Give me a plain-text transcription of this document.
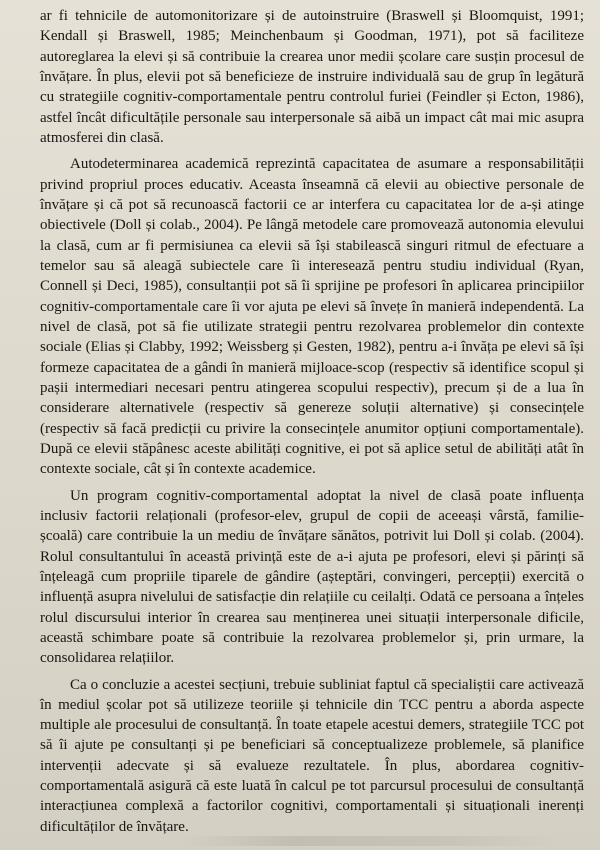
ar fi tehnicile de automonitorizare și de autoinstruire (Braswell și Bloomquist, 1991; Kendall și Braswell, 1985; Meinchenbaum și Goodman, 1971), pot să faciliteze autoreglarea la elevi și să contribuie la crearea unor medii școlare care susțin procesul de învățare. În plus, elevii pot să beneficieze de instruire individuală sau de grup în legătură cu strategiile cognitiv-comportamentale pentru controlul furiei (Feindler și Ecton, 1986), astfel încât dificultățile personale sau interpersonale să aibă un impact cât mai mic asupra atmosferei din clasă.

Autodeterminarea academică reprezintă capacitatea de asumare a responsabilității privind propriul proces educativ. Aceasta înseamnă că elevii au obiective personale de învățare și că pot să recunoască factorii ce ar interfera cu capacitatea lor de a-și atinge obiectivele (Doll și colab., 2004). Pe lângă metodele care promovează autonomia elevului la clasă, cum ar fi permisiunea ca elevii să își stabilească singuri ritmul de efectuare a temelor sau să aleagă subiectele care îi interesează pentru studiu individual (Ryan, Connell și Deci, 1985), consultanții pot să îi sprijine pe profesori în aplicarea principiilor cognitiv-comportamentale care îi vor ajuta pe elevi să învețe în manieră independentă. La nivel de clasă, pot să fie utilizate strategii pentru rezolvarea problemelor din contexte sociale (Elias și Clabby, 1992; Weissberg și Gesten, 1982), pentru a-i învăța pe elevi să își formeze capacitatea de a gândi în manieră mijloace-scop (respectiv să identifice scopul și pașii intermediari necesari pentru atingerea scopului respectiv), precum și de a lua în considerare alternativele (respectiv să genereze soluții alternative) și consecințele (respectiv să facă predicții cu privire la consecințele anumitor opțiuni comportamentale). După ce elevii stăpânesc aceste abilități cognitive, ei pot să aplice setul de abilități atât în contexte sociale, cât și în contexte academice.

Un program cognitiv-comportamental adoptat la nivel de clasă poate influența inclusiv factorii relaționali (profesor-elev, grupul de copii de aceeași vârstă, familie-școală) care contribuie la un mediu de învățare sănătos, potrivit lui Doll și colab. (2004). Rolul consultantului în această privință este de a-i ajuta pe profesori, elevi și părinți să înțeleagă cum propriile tiparele de gândire (așteptări, convingeri, percepții) exercită o influență asupra nivelului de satisfacție din relațiile cu ceilalți. Odată ce persoana a înțeles rolul discursului interior în crearea sau menținerea unei situații interpersonale dificile, această schimbare poate să contribuie la rezolvarea problemelor și, prin urmare, la consolidarea relațiilor.

Ca o concluzie a acestei secțiuni, trebuie subliniat faptul că specialiștii care activează în mediul școlar pot să utilizeze teoriile și tehnicile din TCC pentru a aborda aspecte multiple ale procesului de consultanță. În toate etapele acestui demers, strategiile TCC pot să îi ajute pe consultanți și pe beneficiari să conceptualizeze problemele, să planifice intervenții adecvate și să evalueze rezultatele. În plus, abordarea cognitiv-comportamentală asigură că este luată în calcul pe tot parcursul procesului de consultanță interacțiunea complexă a factorilor cognitivi, comportamentali și situaționali inerenți dificultăților de învățare.
